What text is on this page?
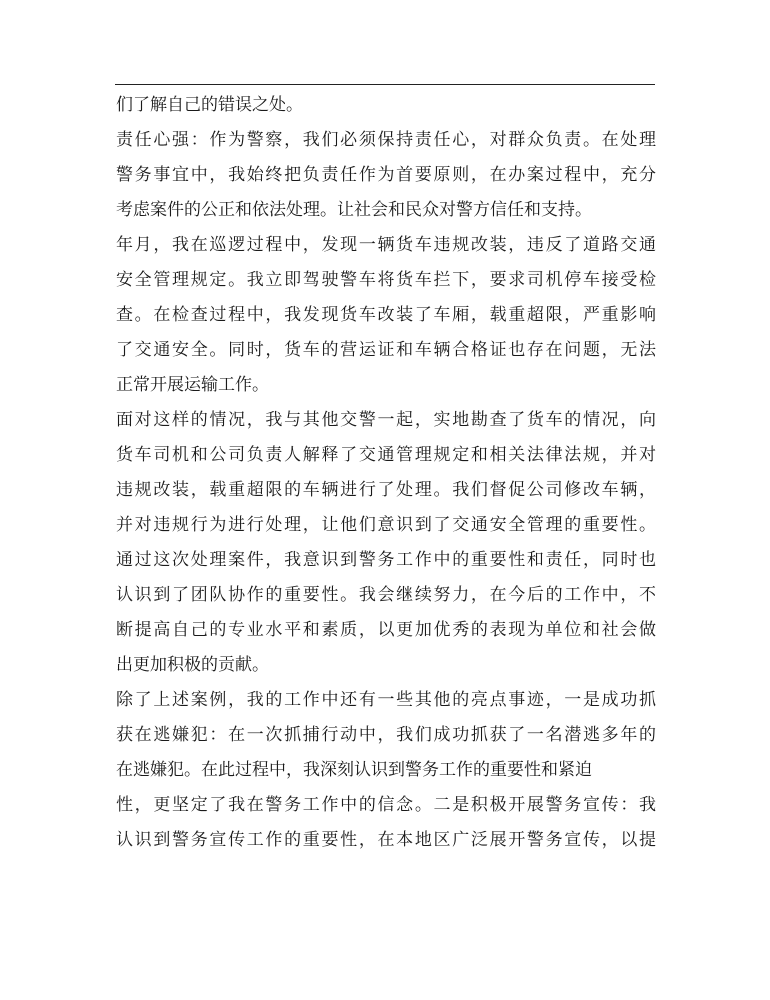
们了解自己的错误之处。
责任心强：作为警察，我们必须保持责任心，对群众负责。在处理
警务事宜中，我始终把负责任作为首要原则，在办案过程中，充分
考虑案件的公正和依法处理。让社会和民众对警方信任和支持。
年月，我在巡逻过程中，发现一辆货车违规改装，违反了道路交通
安全管理规定。我立即驾驶警车将货车拦下，要求司机停车接受检
查。在检查过程中，我发现货车改装了车厢，载重超限，严重影响
了交通安全。同时，货车的营运证和车辆合格证也存在问题，无法
正常开展运输工作。
面对这样的情况，我与其他交警一起，实地勘查了货车的情况，向
货车司机和公司负责人解释了交通管理规定和相关法律法规，并对
违规改装，载重超限的车辆进行了处理。我们督促公司修改车辆，
并对违规行为进行处理，让他们意识到了交通安全管理的重要性。
通过这次处理案件，我意识到警务工作中的重要性和责任，同时也
认识到了团队协作的重要性。我会继续努力，在今后的工作中，不
断提高自己的专业水平和素质，以更加优秀的表现为单位和社会做
出更加积极的贡献。
除了上述案例，我的工作中还有一些其他的亮点事迹，一是成功抓
获在逃嫌犯：在一次抓捕行动中，我们成功抓获了一名潜逃多年的
在逃嫌犯。在此过程中，我深刻认识到警务工作的重要性和紧迫
性，更坚定了我在警务工作中的信念。二是积极开展警务宣传：我
认识到警务宣传工作的重要性，在本地区广泛展开警务宣传，以提
